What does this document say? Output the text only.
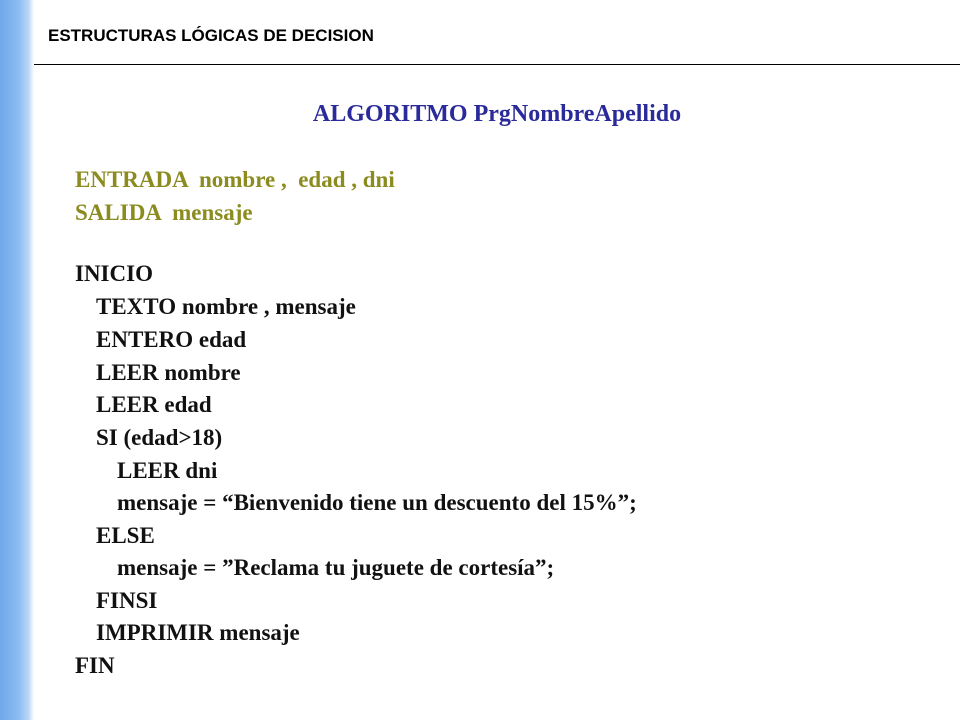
ESTRUCTURAS LÓGICAS DE DECISION
ALGORITMO PrgNombreApellido
ENTRADA  nombre ,  edad , dni
SALIDA  mensaje
INICIO
TEXTO nombre , mensaje
ENTERO edad
LEER nombre
LEER edad
SI (edad>18)
LEER dni
mensaje = “Bienvenido tiene un descuento del 15%”;
ELSE
mensaje = ”Reclama tu juguete de cortesía”;
FINSI
IMPRIMIR mensaje
FIN
